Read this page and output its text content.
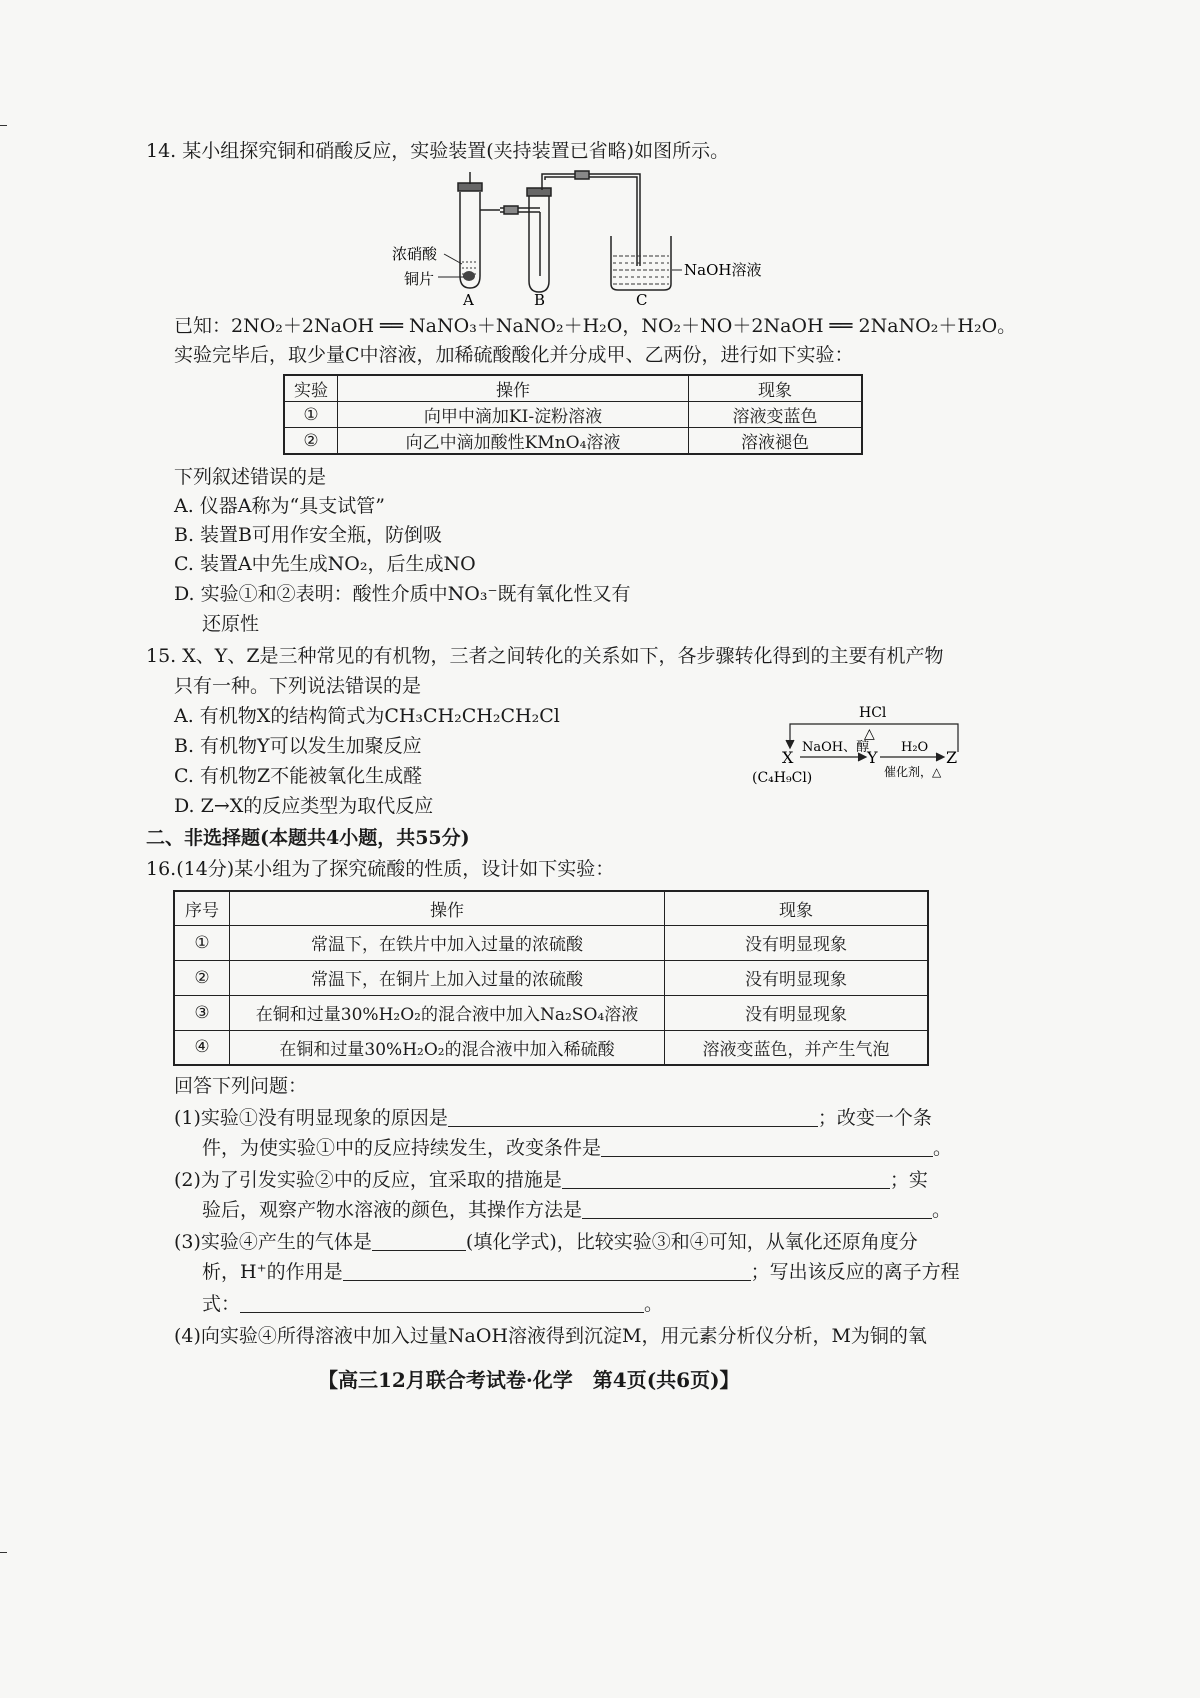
14. 某小组探究铜和硝酸反应，实验装置(夹持装置已省略)如图所示。
浓硝酸
铜片	NaOH溶液
A	B	C
已知：2NO₂＋2NaOH ══ NaNO₃＋NaNO₂＋H₂O，NO₂＋NO＋2NaOH ══ 2NaNO₂＋H₂O。
实验完毕后，取少量C中溶液，加稀硫酸酸化并分成甲、乙两份，进行如下实验：
实验	操作	现象
①	向甲中滴加KI-淀粉溶液	溶液变蓝色
②	向乙中滴加酸性KMnO₄溶液	溶液褪色
下列叙述错误的是
A. 仪器A称为“具支试管”
B. 装置B可用作安全瓶，防倒吸
C. 装置A中先生成NO₂，后生成NO
D. 实验①和②表明：酸性介质中NO₃⁻既有氧化性又有
还原性
15. X、Y、Z是三种常见的有机物，三者之间转化的关系如下，各步骤转化得到的主要有机产物
只有一种。下列说法错误的是
A. 有机物X的结构简式为CH₃CH₂CH₂CH₂Cl
B. 有机物Y可以发生加聚反应
C. 有机物Z不能被氧化生成醛
D. Z→X的反应类型为取代反应
HCl
△
X
NaOH、醇
Y
H₂O
催化剂，△
Z
(C₄H₉Cl)
二、非选择题(本题共4小题，共55分)
16.(14分)某小组为了探究硫酸的性质，设计如下实验：
序号	操作	现象
①	常温下，在铁片中加入过量的浓硫酸	没有明显现象
②	常温下，在铜片上加入过量的浓硫酸	没有明显现象
③	在铜和过量30%H₂O₂的混合液中加入Na₂SO₄溶液	没有明显现象
④	在铜和过量30%H₂O₂的混合液中加入稀硫酸	溶液变蓝色，并产生气泡
回答下列问题：
(1)实验①没有明显现象的原因是	；改变一个条
件，为使实验①中的反应持续发生，改变条件是	。
(2)为了引发实验②中的反应，宜采取的措施是	；实
验后，观察产物水溶液的颜色，其操作方法是	。
(3)实验④产生的气体是	(填化学式)，比较实验③和④可知，从氧化还原角度分
析，H⁺的作用是	；写出该反应的离子方程
式：	。
(4)向实验④所得溶液中加入过量NaOH溶液得到沉淀M，用元素分析仪分析，M为铜的氧
【高三12月联合考试卷·化学　第4页(共6页)】
